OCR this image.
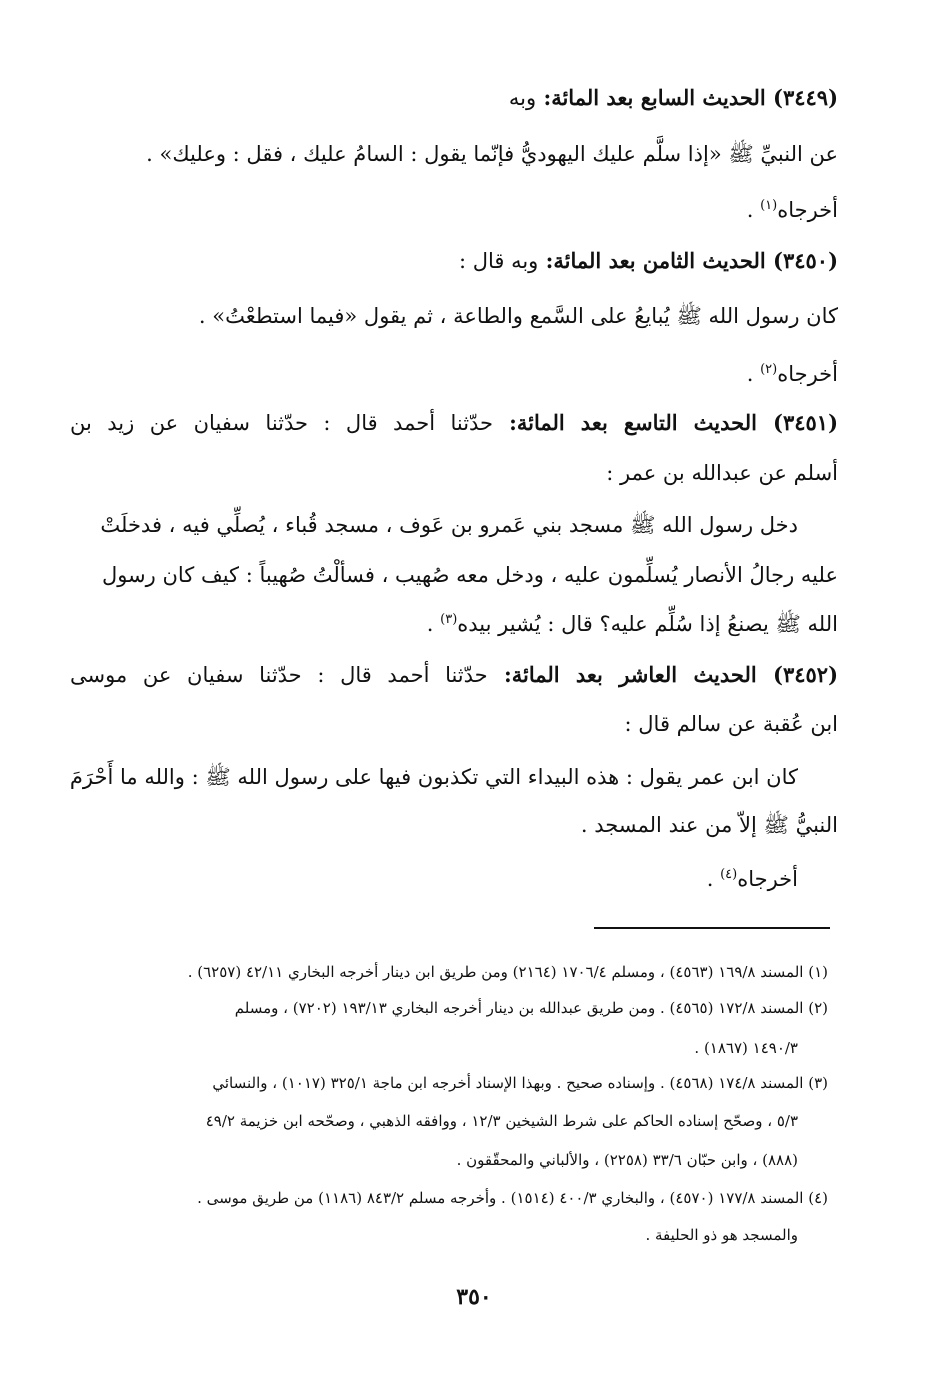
(٣٤٤٩) الحديث السابع بعد المائة: وبه
عن النبيِّ ﷺ «إذا سلَّم عليك اليهوديُّ فإنّما يقول : السامُ عليك ، فقل : وعليك» .
أخرجاه$^{(١)}$ .
(٣٤٥٠) الحديث الثامن بعد المائة: وبه قال :
كان رسول الله ﷺ يُبايعُ على السَّمع والطاعة ، ثم يقول «فيما استطعْتُ» .
أخرجاه$^{(٢)}$ .
(٣٤٥١) الحديث التاسع بعد المائة: حدّثنا أحمد قال : حدّثنا سفيان عن زيد بن
أسلم عن عبدالله بن عمر :
دخل رسول الله ﷺ مسجد بني عَمرو بن عَوف ، مسجد قُباء ، يُصلِّي فيه ، فدخلَتْ
عليه رجالُ الأنصار يُسلِّمون عليه ، ودخل معه صُهيب ، فسألْتُ صُهيباً : كيف كان رسول
الله ﷺ يصنعُ إذا سُلِّم عليه؟ قال : يُشير بيده$^{(٣)}$ .
(٣٤٥٢) الحديث العاشر بعد المائة: حدّثنا أحمد قال : حدّثنا سفيان عن موسى
ابن عُقبة عن سالم قال :
كان ابن عمر يقول : هذه البيداء التي تكذبون فيها على رسول الله ﷺ : والله ما أَحْرَمَ
النبيُّ ﷺ إلاّ من عند المسجد .
أخرجاه$^{(٤)}$ .
(١) المسند ١٦٩/٨ (٤٥٦٣) ، ومسلم ١٧٠٦/٤ (٢١٦٤) ومن طريق ابن دينار أخرجه البخاري ٤٢/١١ (٦٢٥٧) .
(٢) المسند ١٧٢/٨ (٤٥٦٥) . ومن طريق عبدالله بن دينار أخرجه البخاري ١٩٣/١٣ (٧٢٠٢) ، ومسلم
١٤٩٠/٣ (١٨٦٧) .
(٣) المسند ١٧٤/٨ (٤٥٦٨) . وإسناده صحيح . وبهذا الإسناد أخرجه ابن ماجة ٣٢٥/١ (١٠١٧) ، والنسائي
٥/٣ ، وصحّح إسناده الحاكم على شرط الشيخين ١٢/٣ ، ووافقه الذهبي ، وصحّحه ابن خزيمة ٤٩/٢
(٨٨٨) ، وابن حبّان ٣٣/٦ (٢٢٥٨) ، والألباني والمحقّقون .
(٤) المسند ١٧٧/٨ (٤٥٧٠) ، والبخاري ٤٠٠/٣ (١٥١٤) . وأخرجه مسلم ٨٤٣/٢ (١١٨٦) من طريق موسى .
والمسجد هو ذو الحليفة .
٣٥٠
